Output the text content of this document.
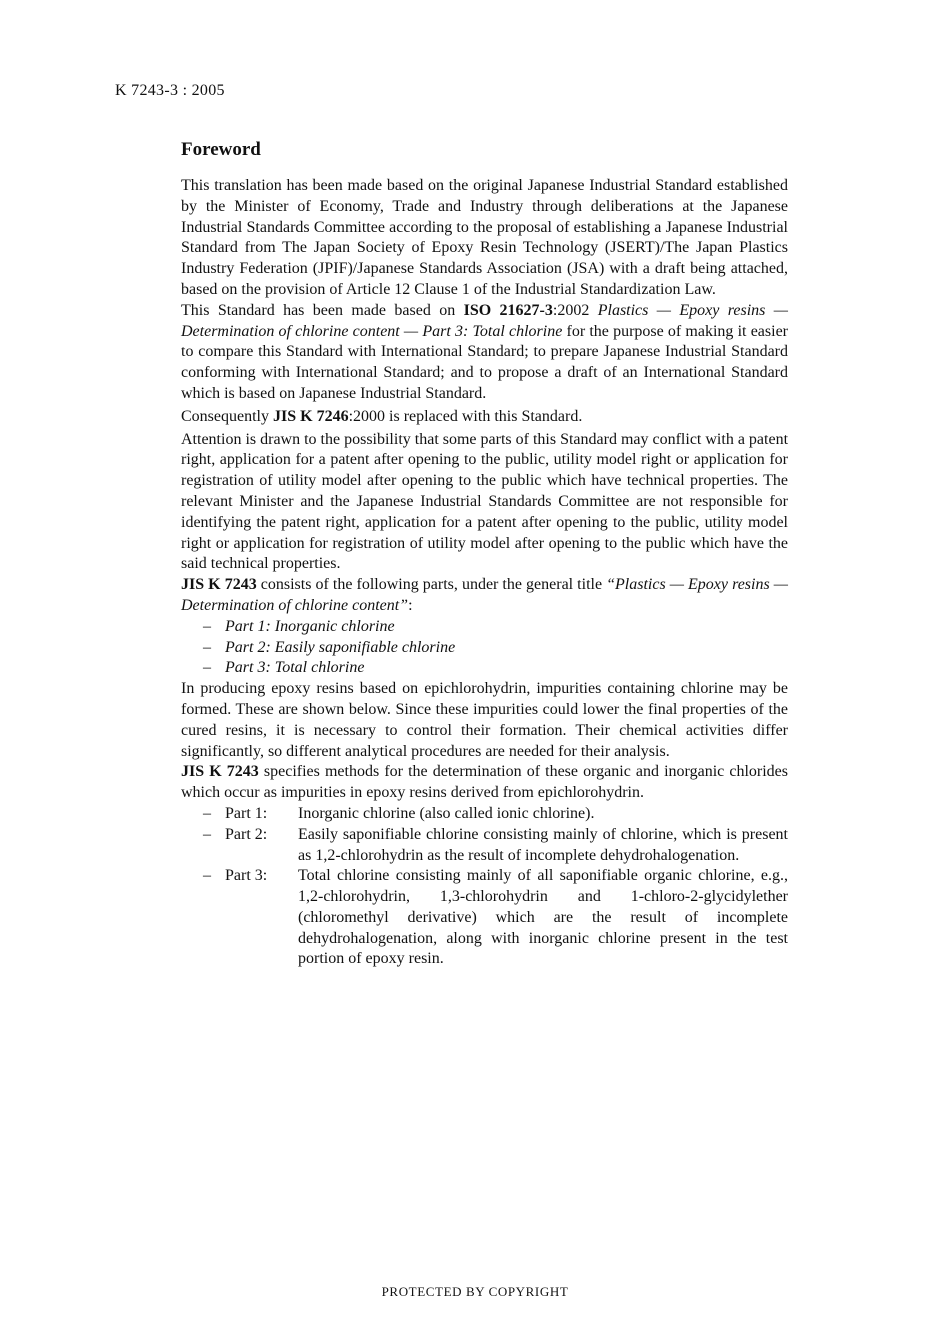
K 7243-3 : 2005
Foreword

This translation has been made based on the original Japanese Industrial Standard established by the Minister of Economy, Trade and Industry through deliberations at the Japanese Industrial Standards Committee according to the proposal of establishing a Japanese Industrial Standard from The Japan Society of Epoxy Resin Technology (JSERT)/The Japan Plastics Industry Federation (JPIF)/Japanese Standards Association (JSA) with a draft being attached, based on the provision of Article 12 Clause 1 of the Industrial Standardization Law.

This Standard has been made based on ISO 21627-3:2002 Plastics — Epoxy resins — Determination of chlorine content — Part 3: Total chlorine for the purpose of making it easier to compare this Standard with International Standard; to prepare Japanese Industrial Standard conforming with International Standard; and to propose a draft of an International Standard which is based on Japanese Industrial Standard.

Consequently JIS K 7246:2000 is replaced with this Standard.

Attention is drawn to the possibility that some parts of this Standard may conflict with a patent right, application for a patent after opening to the public, utility model right or application for registration of utility model after opening to the public which have technical properties. The relevant Minister and the Japanese Industrial Standards Committee are not responsible for identifying the patent right, application for a patent after opening to the public, utility model right or application for registration of utility model after opening to the public which have the said technical properties.

JIS K 7243 consists of the following parts, under the general title “Plastics — Epoxy resins — Determination of chlorine content”:

– Part 1: Inorganic chlorine
– Part 2: Easily saponifiable chlorine
– Part 3: Total chlorine

In producing epoxy resins based on epichlorohydrin, impurities containing chlorine may be formed. These are shown below. Since these impurities could lower the final properties of the cured resins, it is necessary to control their formation. Their chemical activities differ significantly, so different analytical procedures are needed for their analysis.

JIS K 7243 specifies methods for the determination of these organic and inorganic chlorides which occur as impurities in epoxy resins derived from epichlorohydrin.

– Part 1:	Inorganic chlorine (also called ionic chlorine).
– Part 2:	Easily saponifiable chlorine consisting mainly of chlorine, which is present as 1,2-chlorohydrin as the result of incomplete dehydrohalogenation.
– Part 3:	Total chlorine consisting mainly of all saponifiable organic chlorine, e.g., 1,2-chlorohydrin, 1,3-chlorohydrin and 1-chloro-2-glycidylether (chloromethyl derivative) which are the result of incomplete dehydrohalogenation, along with inorganic chlorine present in the test portion of epoxy resin.
PROTECTED BY COPYRIGHT
